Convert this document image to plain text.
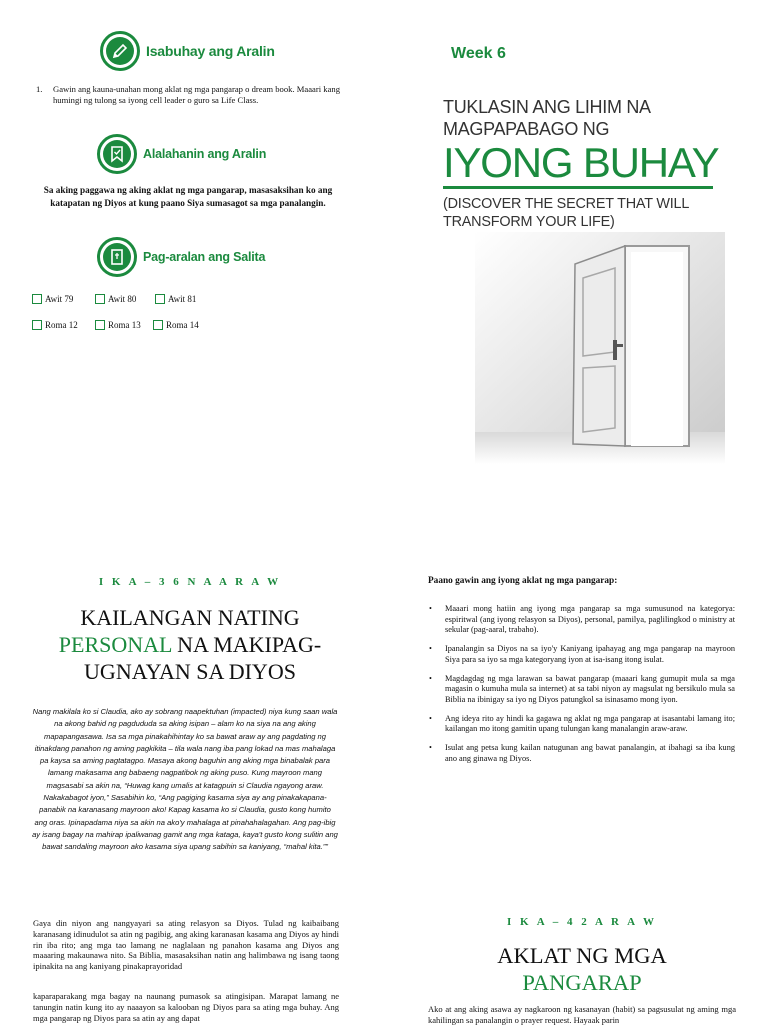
Isabuhay ang Aralin
1.	Gawin ang kauna-unahan mong aklat ng mga pangarap o dream book. Maaari kang humingi ng tulong sa iyong cell leader o guro sa Life Class.
Alalahanin ang Aralin
Sa aking paggawa ng aking aklat ng mga pangarap, masasaksihan ko ang katapatan ng Diyos at kung paano Siya sumasagot sa mga panalangin.
Pag-aralan ang Salita
Awit 79	Awit 80	Awit 81
Roma 12	Roma 13	Roma 14
Week 6
TUKLASIN ANG LIHIM NA
MAGPAPABAGO NG
IYONG BUHAY
(DISCOVER THE SECRET THAT WILL
TRANSFORM YOUR LIFE)
I K A – 3 6 N A A R A W
KAILANGAN NATING
PERSONAL NA MAKIPAG-
UGNAYAN SA DIYOS
Nang makilala ko si Claudia, ako ay sobrang naapektuhan (impacted) niya kung saan wala na akong bahid ng pagdududa sa aking isipan – alam ko na siya na ang aking mapapangasawa. Isa sa mga pinakahihintay ko sa bawat araw ay ang pagdating ng itinakdang panahon ng aming pagkikita – tila wala nang iba pang lokad na mas mahalaga pa kaysa sa aming pagtatagpo. Masaya akong baguhin ang aking mga binabalak para lamang makasama ang babaeng nagpatibok ng aking puso. Kung mayroon mang magsasabi sa akin na, “Huwag kang umalis at katagpuin si Claudia ngayong araw. Nakakabagot iyon,” Sasabihin ko, “Ang pagiging kasama siya ay ang pinakakapana-panabik na karanasang mayroon ako! Kapag kasama ko si Claudia, gusto kong humito ang oras. Ipinapadama niya sa akin na ako'y mahalaga at pinahahalagahan. Ang pag-ibig ay isang bagay na mahirap ipaliwanag gamit ang mga kataga, kaya't gusto kong sulitin ang bawat sandaling mayroon ako kasama siya upang sabihin sa kaniyang, “mahal kita.””
Gaya din niyon ang nangyayari sa ating relasyon sa Diyos. Tulad ng kaibaibang karanasang idinudulot sa atin ng pagibig, ang aking karanasan kasama ang Diyos ay hindi rin iba rito; ang mga tao lamang ne naglalaan ng panahon kasama ang Diyos ang maaaring makaunawa nito. Sa Biblia, masasaksihan natin ang halimbawa ng isang taong ipinakita na ang kaniyang pinakaprayoridad
kaparaparakang mga bagay na naunang pumasok sa atingisipan. Marapat lamang ne tanungin natin kung ito ay naaayon sa kalooban ng Diyos para sa ating mga buhay. Ang mga pangarap ng Diyos para sa atin ay ang dapat
Paano gawin ang iyong aklat ng mga pangarap:
•	Maaari mong hatiin ang iyong mga pangarap sa mga sumusunod na kategorya: espiritwal (ang iyong relasyon sa Diyos), personal, pamilya, paglilingkod o ministry at sekular (pag-aaral, trabaho).
•	Ipanalangin sa Diyos na sa iyo'y Kaniyang ipahayag ang mga pangarap na mayroon Siya para sa iyo sa mga kategoryang iyon at isa-isang itong isulat.
•	Magdagdag ng mga larawan sa bawat pangarap (maaari kang gumupit mula sa mga magasin o kumuha mula sa internet) at sa tabi niyon ay magsulat ng bersikulo mula sa Biblia na ibinigay sa iyo ng Diyos patungkol sa isinasamo mong iyon.
•	Ang ideya rito ay hindi ka gagawa ng aklat ng mga pangarap at isasantabi lamang ito; kailangan mo itong gamitin upang tulungan kang manalangin araw-araw.
•	Isulat ang petsa kung kailan natugunan ang bawat panalangin, at ibahagi sa iba kung ano ang ginawa ng Diyos.
I K A – 4 2 A R A W
AKLAT NG MGA
PANGARAP
Ako at ang aking asawa ay nagkaroon ng kasanayan (habit) sa pagsusulat ng aming mga kahilingan sa panalangin o prayer request. Hayaak parin
